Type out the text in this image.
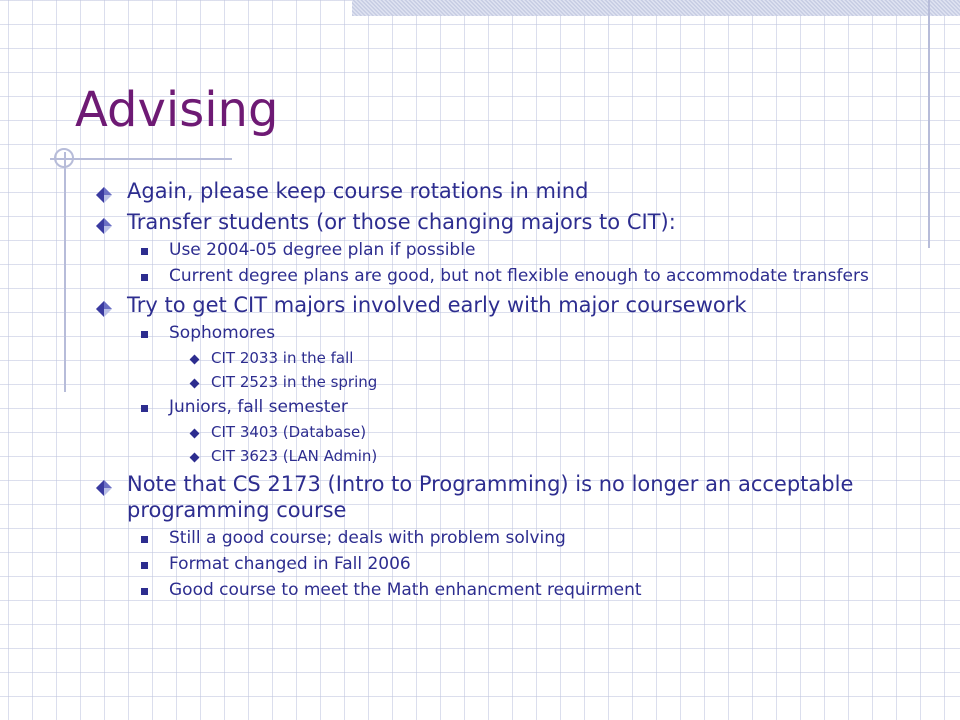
Advising
Again, please keep course rotations in mind
Transfer students (or those changing majors to CIT):
Use 2004-05 degree plan if possible
Current degree plans are good, but not flexible enough to accommodate transfers
Try to get CIT majors involved early with major coursework
Sophomores
CIT 2033 in the fall
CIT 2523 in the spring
Juniors, fall semester
CIT 3403 (Database)
CIT 3623 (LAN Admin)
Note that CS 2173 (Intro to Programming) is no longer an acceptable programming course
Still a good course; deals with problem solving
Format changed in Fall 2006
Good course to meet the Math enhancment requirment
